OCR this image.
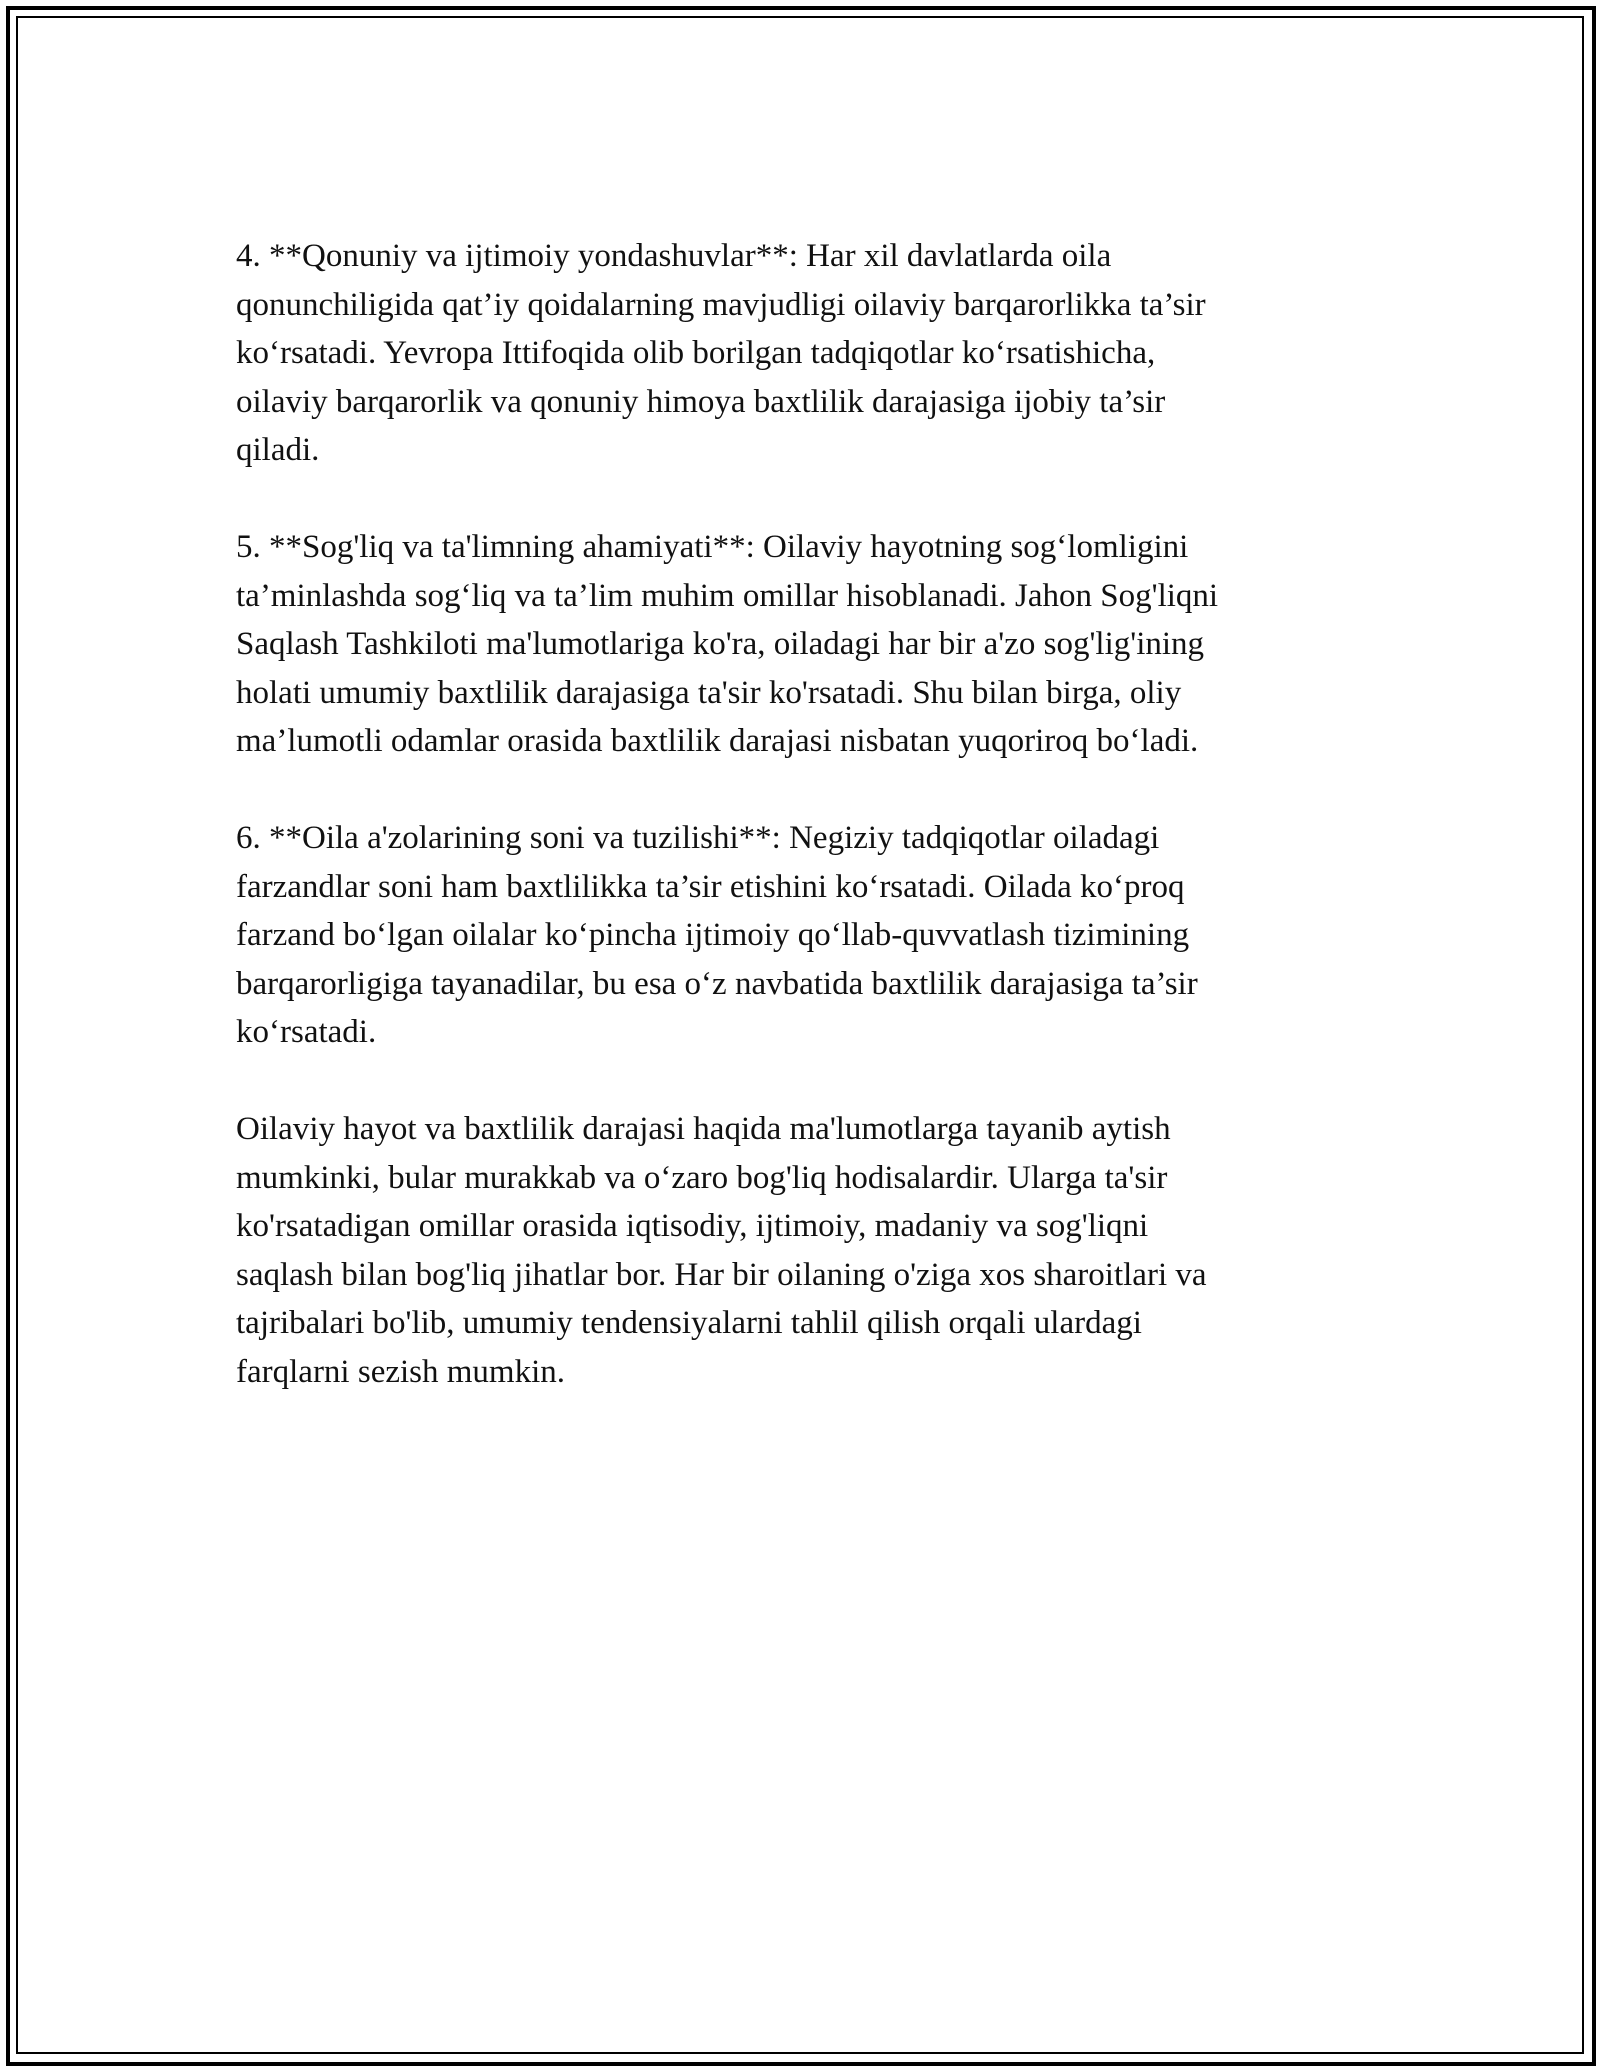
4. **Qonuniy va ijtimoiy yondashuvlar**: Har xil davlatlarda oila
qonunchiligida qat’iy qoidalarning mavjudligi oilaviy barqarorlikka ta’sir
ko‘rsatadi. Yevropa Ittifoqida olib borilgan tadqiqotlar ko‘rsatishicha,
oilaviy barqarorlik va qonuniy himoya baxtlilik darajasiga ijobiy ta’sir
qiladi.

5. **Sog'liq va ta'limning ahamiyati**: Oilaviy hayotning sog‘lomligini
ta’minlashda sog‘liq va ta’lim muhim omillar hisoblanadi. Jahon Sog'liqni
Saqlash Tashkiloti ma'lumotlariga ko'ra, oiladagi har bir a'zo sog'lig'ining
holati umumiy baxtlilik darajasiga ta'sir ko'rsatadi. Shu bilan birga, oliy
ma’lumotli odamlar orasida baxtlilik darajasi nisbatan yuqoriroq bo‘ladi.

6. **Oila a'zolarining soni va tuzilishi**: Negiziy tadqiqotlar oiladagi
farzandlar soni ham baxtlilikka ta’sir etishini ko‘rsatadi. Oilada ko‘proq
farzand bo‘lgan oilalar ko‘pincha ijtimoiy qo‘llab-quvvatlash tizimining
barqarorligiga tayanadilar, bu esa o‘z navbatida baxtlilik darajasiga ta’sir
ko‘rsatadi.

Oilaviy hayot va baxtlilik darajasi haqida ma'lumotlarga tayanib aytish
mumkinki, bular murakkab va o‘zaro bog'liq hodisalardir. Ularga ta'sir
ko'rsatadigan omillar orasida iqtisodiy, ijtimoiy, madaniy va sog'liqni
saqlash bilan bog'liq jihatlar bor. Har bir oilaning o'ziga xos sharoitlari va
tajribalari bo'lib, umumiy tendensiyalarni tahlil qilish orqali ulardagi
farqlarni sezish mumkin.
